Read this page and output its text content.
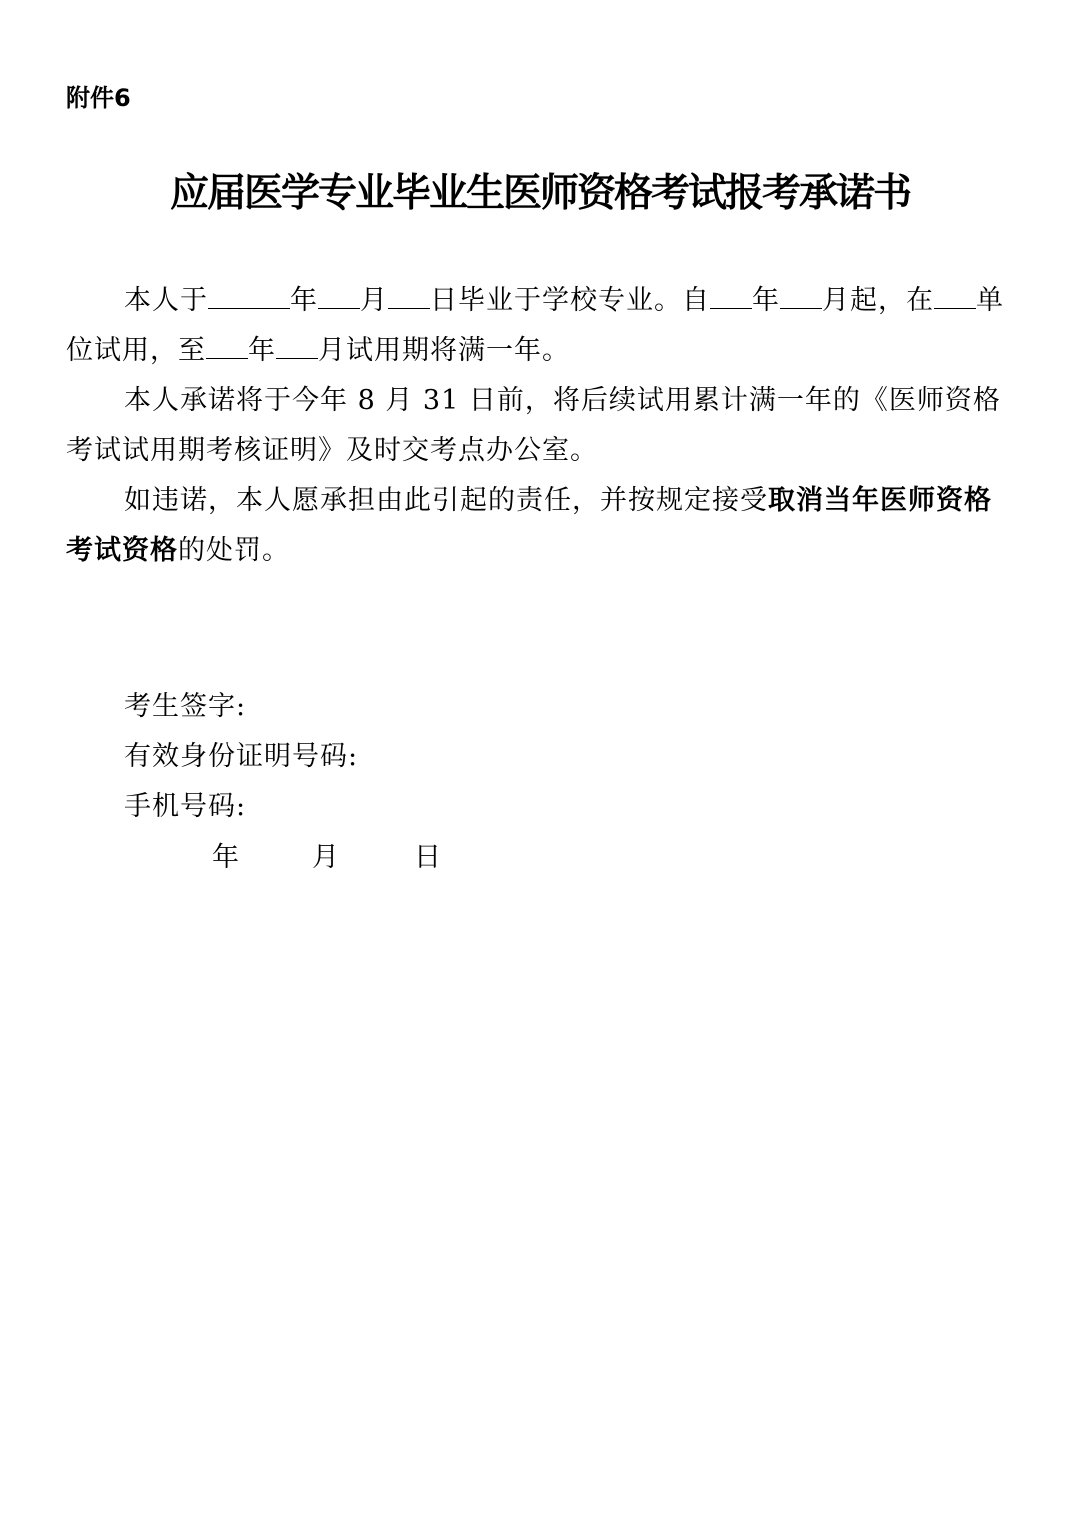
附件6
应届医学专业毕业生医师资格考试报考承诺书

本人于	年 月 日毕业于学校专业。自 年 月起，在 单位试用，至 年 月试用期将满一年。

本人承诺将于今年 8 月 31 日前，将后续试用累计满一年的《医师资格考试试用期考核证明》及时交考点办公室。

如违诺，本人愿承担由此引起的责任，并按规定接受取消当年医师资格考试资格的处罚。

考生签字:

有效身份证明号码:

手机号码:

年	月	日
